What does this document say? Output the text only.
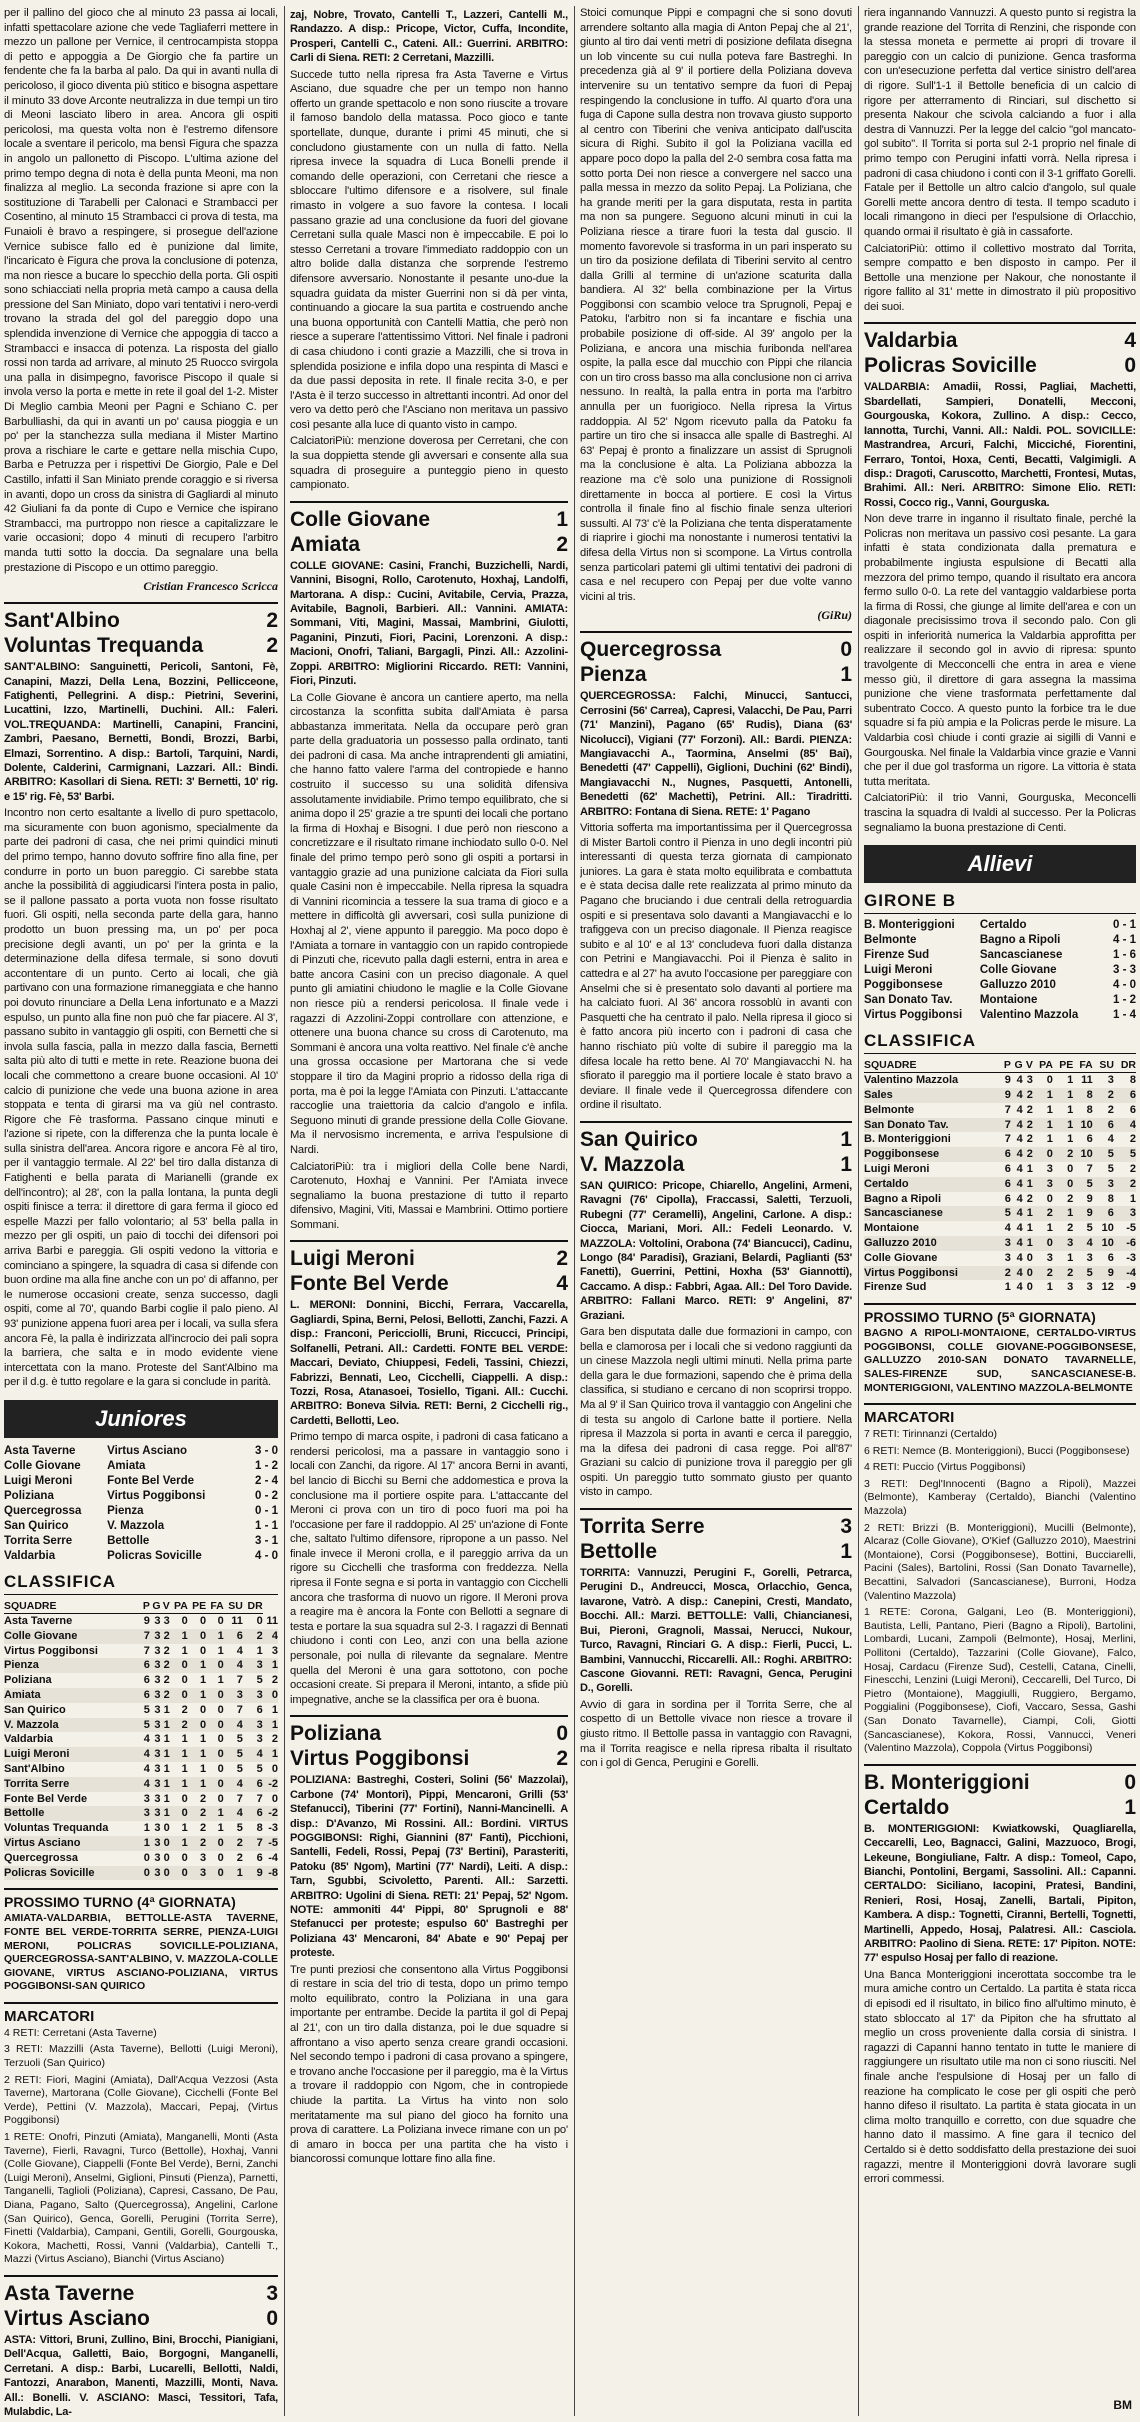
per il pallino del gioco che al minuto 23 passa ai locali, infatti spettacolare azione che vede Tagliaferri mettere in mezzo un pallone per Vernice, il centrocampista stoppa di petto e appoggia a De Giorgio che fa partire un fendente che fa la barba al palo. Da qui in avanti nulla di pericoloso, il gioco diventa più stitico e bisogna aspettare il minuto 33 dove Arconte neutralizza in due tempi un tiro di Meoni lasciato libero in area. Ancora gli ospiti pericolosi, ma questa volta non è l'estremo difensore locale a sventare il pericolo, ma bensì Figura che spazza in angolo un pallonetto di Piscopo. L'ultima azione del primo tempo degna di nota è della punta Meoni, ma non finalizza al meglio. La seconda frazione si apre con la sostituzione di Tarabelli per Calonaci e Strambacci per Cosentino, al minuto 15 Strambacci ci prova di testa, ma Funaioli è bravo a respingere, si prosegue dell'azione Vernice subisce fallo ed è punizione dal limite, l'incaricato è Figura che prova la conclusione di potenza, ma non riesce a bucare lo specchio della porta. Gli ospiti sono schiacciati nella propria metà campo a causa della pressione del San Miniato, dopo vari tentativi i nero-verdi trovano la strada del gol del pareggio dopo una splendida invenzione di Vernice che appoggia di tacco a Strambacci e insacca di potenza. La risposta del giallo rossi non tarda ad arrivare, al minuto 25 Ruocco svirgola una palla in disimpegno, favorisce Piscopo il quale si invola verso la porta e mette in rete il goal del 1-2. Mister Di Meglio cambia Meoni per Pagni e Schiano C. per Barbulliashi, da qui in avanti un po' causa pioggia e un po' per la stanchezza sulla mediana il Mister Martino prova a rischiare le carte e gettare nella mischia Cupo, Barba e Petruzza per i rispettivi De Giorgio, Pale e Del Castillo, infatti il San Miniato prende coraggio e si riversa in avanti, dopo un cross da sinistra di Gagliardi al minuto 42 Giuliani fa da ponte di Cupo e Vernice che ispirano Strambacci, ma purtroppo non riesce a capitalizzare le varie occasioni; dopo 4 minuti di recupero l'arbitro manda tutti sotto la doccia. Da segnalare una bella prestazione di Piscopo e un ottimo pareggio.

Cristian Francesco Scricca
Sant'Albino	2
Voluntas Trequanda	2

SANT'ALBINO: Sanguinetti, Pericoli, Santoni, Fè, Canapini, Mazzi, Della Lena, Bozzini, Pellicceone, Fatighenti, Pellegrini. A disp.: Pietrini, Severini, Lucattini, Izzo, Martinelli, Duchini. All.: Faleri. VOL.TREQUANDA: Martinelli, Canapini, Francini, Zambri, Paesano, Bernetti, Bondi, Brozzi, Barbi, Elmazi, Sorrentino. A disp.: Bartoli, Tarquini, Nardi, Dolente, Calderini, Carmignani, Lazzari. All.: Bindi. ARBITRO: Kasollari di Siena. RETI: 3' Bernetti, 10' rig. e 15' rig. Fè, 53' Barbi.

Incontro non certo esaltante a livello di puro spettacolo, ma sicuramente con buon agonismo, specialmente da parte dei padroni di casa, che nei primi quindici minuti del primo tempo, hanno dovuto soffrire fino alla fine, per condurre in porto un buon pareggio. Ci sarebbe stata anche la possibilità di aggiudicarsi l'intera posta in palio, se il pallone passato a porta vuota non fosse risultato fuori. Gli ospiti, nella seconda parte della gara, hanno prodotto un buon pressing ma, un po' per poca precisione degli avanti, un po' per la grinta e la determinazione della difesa termale, si sono dovuti accontentare di un punto. Certo ai locali, che già partivano con una formazione rimaneggiata e che hanno poi dovuto rinunciare a Della Lena infortunato e a Mazzi espulso, un punto alla fine non può che far piacere. Al 3', passano subito in vantaggio gli ospiti, con Bernetti che si invola sulla fascia, palla in mezzo dalla fascia, Bernetti salta più alto di tutti e mette in rete. Reazione buona dei locali che commettono a creare buone occasioni. Al 10' calcio di punizione che vede una buona azione in area stoppata e tenta di girarsi ma va giù nel contrasto. Rigore che Fè trasforma. Passano cinque minuti e l'azione si ripete, con la differenza che la punta locale è sulla sinistra dell'area. Ancora rigore e ancora Fè al tiro, per il vantaggio termale. Al 22' bel tiro dalla distanza di Fatighenti e bella parata di Marianelli (grande ex dell'incontro); al 28', con la palla lontana, la punta degli ospiti finisce a terra: il direttore di gara ferma il gioco ed espelle Mazzi per fallo volontario; al 53' bella palla in mezzo per gli ospiti, un paio di tocchi dei difensori poi arriva Barbi e pareggia. Gli ospiti vedono la vittoria e cominciano a spingere, la squadra di casa si difende con buon ordine ma alla fine anche con un po' di affanno, per le numerose occasioni create, senza successo, dagli ospiti, come al 70', quando Barbi coglie il palo pieno. Al 93' punizione appena fuori area per i locali, va sulla sfera ancora Fè, la palla è indirizzata all'incrocio dei pali sopra la barriera, che salta e in modo evidente viene intercettata con la mano. Proteste del Sant'Albino ma per il d.g. è tutto regolare e la gara si conclude in parità.

Juniores
Asta Taverne	Virtus Asciano	3 - 0
Colle Giovane	Amiata	1 - 2
Luigi Meroni	Fonte Bel Verde	2 - 4
Poliziana	Virtus Poggibonsi	0 - 2
Quercegrossa	Pienza	0 - 1
San Quirico	V. Mazzola	1 - 1
Torrita Serre	Bettolle	3 - 1
Valdarbia	Policras Sovicille	4 - 0
CLASSIFICA
SQUADRE	P	G	V	PA	PE	FA	SU	DR	
Asta Taverne	9	3	3	0	0	0	11	0	11
Colle Giovane	7	3	2	1	0	1	6	2	4
Virtus Poggibonsi	7	3	2	1	0	1	4	1	3
Pienza	6	3	2	0	1	0	4	3	1
Poliziana	6	3	2	0	1	1	7	5	2
Amiata	6	3	2	0	1	0	3	3	0
San Quirico	5	3	1	2	0	0	7	6	1
V. Mazzola	5	3	1	2	0	0	4	3	1
Valdarbia	4	3	1	1	1	0	5	3	2
Luigi Meroni	4	3	1	1	1	0	5	4	1
Sant'Albino	4	3	1	1	1	0	5	5	0
Torrita Serre	4	3	1	1	1	0	4	6	-2
Fonte Bel Verde	3	3	1	0	2	0	7	7	0
Bettolle	3	3	1	0	2	1	4	6	-2
Voluntas Trequanda	1	3	0	1	2	1	5	8	-3
Virtus Asciano	1	3	0	1	2	0	2	7	-5
Quercegrossa	0	3	0	0	3	0	2	6	-4
Policras Sovicille	0	3	0	0	3	0	1	9	-8
PROSSIMO TURNO (4ª GIORNATA)
AMIATA-VALDARBIA, BETTOLLE-ASTA TAVERNE, FONTE BEL VERDE-TORRITA SERRE, PIENZA-LUIGI MERONI, POLICRAS SOVICILLE-POLIZIANA, QUERCEGROSSA-SANT'ALBINO, V. MAZZOLA-COLLE GIOVANE, VIRTUS ASCIANO-POLIZIANA, VIRTUS POGGIBONSI-SAN QUIRICO
MARCATORI

4 RETI: Cerretani (Asta Taverne)

3 RETI: Mazzilli (Asta Taverne), Bellotti (Luigi Meroni), Terzuoli (San Quirico)

2 RETI: Fiori, Magini (Amiata), Dall'Acqua Vezzosi (Asta Taverne), Martorana (Colle Giovane), Cicchelli (Fonte Bel Verde), Pettini (V. Mazzola), Maccari, Pepaj, (Virtus Poggibonsi)

1 RETE: Onofri, Pinzuti (Amiata), Manganelli, Monti (Asta Taverne), Fierli, Ravagni, Turco (Bettolle), Hoxhaj, Vanni (Colle Giovane), Ciappelli (Fonte Bel Verde), Berni, Zanchi (Luigi Meroni), Anselmi, Giglioni, Pinsuti (Pienza), Parnetti, Tanganelli, Taglioli (Poliziana), Capresi, Cassano, De Pau, Diana, Pagano, Salto (Quercegrossa), Angelini, Carlone (San Quirico), Genca, Gorelli, Perugini (Torrita Serre), Finetti (Valdarbia), Campani, Gentili, Gorelli, Gourgouska, Kokora, Machetti, Rossi, Vanni (Valdarbia), Cantelli T., Mazzi (Virtus Asciano), Bianchi (Virtus Asciano)

Asta Taverne	3
Virtus Asciano	0

ASTA: Vittori, Bruni, Zullino, Bini, Brocchi, Pianigiani, Dell'Acqua, Galletti, Baio, Borgogni, Manganelli, Cerretani. A disp.: Barbi, Lucarelli, Bellotti, Naldi, Fantozzi, Anarabon, Manenti, Mazzilli, Monti, Nava. All.: Bonelli. V. ASCIANO: Masci, Tessitori, Tafa, Mulabdic, La-

zaj, Nobre, Trovato, Cantelli T., Lazzeri, Cantelli M., Randazzo. A disp.: Pricope, Victor, Cuffa, Incondite, Prosperi, Cantelli C., Cateni. All.: Guerrini. ARBITRO: Carli di Siena. RETI: 2 Cerretani, Mazzilli.

Succede tutto nella ripresa fra Asta Taverne e Virtus Asciano, due squadre che per un tempo non hanno offerto un grande spettacolo e non sono riuscite a trovare il famoso bandolo della matassa. Poco gioco e tante sportellate, dunque, durante i primi 45 minuti, che si concludono giustamente con un nulla di fatto. Nella ripresa invece la squadra di Luca Bonelli prende il comando delle operazioni, con Cerretani che riesce a sbloccare l'ultimo difensore e a risolvere, sul finale rimasto in volgere a suo favore la contesa. I locali passano grazie ad una conclusione da fuori del giovane Cerretani sulla quale Masci non è impeccabile. E poi lo stesso Cerretani a trovare l'immediato raddoppio con un altro bolide dalla distanza che sorprende l'estremo difensore avversario. Nonostante il pesante uno-due la squadra guidata da mister Guerrini non si dà per vinta, continuando a giocare la sua partita e costruendo anche una buona opportunità con Cantelli Mattia, che però non riesce a superare l'attentissimo Vittori. Nel finale i padroni di casa chiudono i conti grazie a Mazzilli, che si trova in splendida posizione e infila dopo una respinta di Masci e da due passi deposita in rete. Il finale recita 3-0, e per l'Asta è il terzo successo in altrettanti incontri. Ad onor del vero va detto però che l'Asciano non meritava un passivo così pesante alla luce di quanto visto in campo.

CalciatoriPiù: menzione doverosa per Cerretani, che con la sua doppietta stende gli avversari e consente alla sua squadra di proseguire a punteggio pieno in questo campionato.

Colle Giovane	1
Amiata	2

COLLE GIOVANE: Casini, Franchi, Buzzichelli, Nardi, Vannini, Bisogni, Rollo, Carotenuto, Hoxhaj, Landolfi, Martorana. A disp.: Cucini, Avitabile, Cervia, Prazza, Avitabile, Bagnoli, Barbieri. All.: Vannini. AMIATA: Sommani, Viti, Magini, Massai, Mambrini, Giulotti, Paganini, Pinzuti, Fiori, Pacini, Lorenzoni. A disp.: Macioni, Onofri, Taliani, Bargagli, Pinzi. All.: Azzolini-Zoppi. ARBITRO: Migliorini Riccardo. RETI: Vannini, Fiori, Pinzuti.

La Colle Giovane è ancora un cantiere aperto, ma nella circostanza la sconfitta subita dall'Amiata è parsa abbastanza immeritata. Nella da occupare però gran parte della graduatoria un possesso palla ordinato, tanti dei padroni di casa. Ma anche intraprendenti gli amiatini, che hanno fatto valere l'arma del contropiede e hanno costruito il successo su una solidità difensiva assolutamente invidiabile. Primo tempo equilibrato, che si anima dopo il 25' grazie a tre spunti dei locali che portano la firma di Hoxhaj e Bisogni. I due però non riescono a concretizzare e il risultato rimane inchiodato sullo 0-0. Nel finale del primo tempo però sono gli ospiti a portarsi in vantaggio grazie ad una punizione calciata da Fiori sulla quale Casini non è impeccabile. Nella ripresa la squadra di Vannini ricomincia a tessere la sua trama di gioco e a mettere in difficoltà gli avversari, così sulla punizione di Hoxhaj al 2', viene appunto il pareggio. Ma poco dopo è l'Amiata a tornare in vantaggio con un rapido contropiede di Pinzuti che, ricevuto palla dagli esterni, entra in area e batte ancora Casini con un preciso diagonale. A quel punto gli amiatini chiudono le maglie e la Colle Giovane non riesce più a rendersi pericolosa. Il finale vede i ragazzi di Azzolini-Zoppi controllare con attenzione, e ottenere una buona chance su cross di Carotenuto, ma Sommani è ancora una volta reattivo. Nel finale c'è anche una grossa occasione per Martorana che si vede stoppare il tiro da Magini proprio a ridosso della riga di porta, ma è poi la legge l'Amiata con Pinzuti. L'attaccante raccoglie una traiettoria da calcio d'angolo e infila. Seguono minuti di grande pressione della Colle Giovane. Ma il nervosismo incrementa, e arriva l'espulsione di Nardi.

CalciatoriPiù: tra i migliori della Colle bene Nardi, Carotenuto, Hoxhaj e Vannini. Per l'Amiata invece segnaliamo la buona prestazione di tutto il reparto difensivo, Magini, Viti, Massai e Mambrini. Ottimo portiere Sommani.

Luigi Meroni	2
Fonte Bel Verde	4

L. MERONI: Donnini, Bicchi, Ferrara, Vaccarella, Gagliardi, Spina, Berni, Pelosi, Bellotti, Zanchi, Fazzi. A disp.: Franconi, Pericciolli, Bruni, Riccucci, Principi, Solfanelli, Petrani. All.: Cardetti. FONTE BEL VERDE: Maccari, Deviato, Chiuppesi, Fedeli, Tassini, Chiezzi, Fabrizzi, Bennati, Leo, Cicchelli, Ciappelli. A disp.: Tozzi, Rosa, Atanasoei, Tosiello, Tigani. All.: Cucchi. ARBITRO: Boneva Silvia. RETI: Berni, 2 Cicchelli rig., Cardetti, Bellotti, Leo.

Primo tempo di marca ospite, i padroni di casa faticano a rendersi pericolosi, ma a passare in vantaggio sono i locali con Zanchi, da rigore. Al 17' ancora Berni in avanti, bel lancio di Bicchi su Berni che addomestica e prova la conclusione ma il portiere ospite para. L'attaccante del Meroni ci prova con un tiro di poco fuori ma poi ha l'occasione per fare il raddoppio. Al 25' un'azione di Fonte che, saltato l'ultimo difensore, ripropone a un passo. Nel finale invece il Meroni crolla, e il pareggio arriva da un rigore su Cicchelli che trasforma con freddezza. Nella ripresa il Fonte segna e si porta in vantaggio con Cicchelli ancora che trasforma di nuovo un rigore. Il Meroni prova a reagire ma è ancora la Fonte con Bellotti a segnare di testa e portare la sua squadra sul 2-3. I ragazzi di Bennati chiudono i conti con Leo, anzi con una bella azione personale, poi nulla di rilevante da segnalare. Mentre quella del Meroni è una gara sottotono, con poche occasioni create. Si prepara il Meroni, intanto, a sfide più impegnative, anche se la classifica per ora è buona.

Poliziana	0
Virtus Poggibonsi	2

POLIZIANA: Bastreghi, Costeri, Solini (56' Mazzolai), Carbone (74' Montori), Pippi, Mencaroni, Grilli (53' Stefanucci), Tiberini (77' Fortini), Nanni-Mancinelli. A disp.: D'Avanzo, Mi Rossini. All.: Bordini. VIRTUS POGGIBONSI: Righi, Giannini (87' Fanti), Picchioni, Santelli, Fedeli, Rossi, Pepaj (73' Bertini), Parasteriti, Patoku (85' Ngom), Martini (77' Nardi), Leiti. A disp.: Tarn, Sgubbi, Scivoletto, Parenti. All.: Sarzetti. ARBITRO: Ugolini di Siena. RETI: 21' Pepaj, 52' Ngom. NOTE: ammoniti 44' Pippi, 80' Sprugnoli e 88' Stefanucci per proteste; espulso 60' Bastreghi per Poliziana 43' Mencaroni, 84' Abate e 90' Pepaj per proteste.

Tre punti preziosi che consentono alla Virtus Poggibonsi di restare in scia del trio di testa, dopo un primo tempo molto equilibrato, contro la Poliziana in una gara importante per entrambe. Decide la partita il gol di Pepaj al 21', con un tiro dalla distanza, poi le due squadre si affrontano a viso aperto senza creare grandi occasioni. Nel secondo tempo i padroni di casa provano a spingere, e trovano anche l'occasione per il pareggio, ma è la Virtus a trovare il raddoppio con Ngom, che in contropiede chiude la partita. La Virtus ha vinto non solo meritatamente ma sul piano del gioco ha fornito una prova di carattere. La Poliziana invece rimane con un po' di amaro in bocca per una partita che ha visto i biancorossi comunque lottare fino alla fine.

Stoici comunque Pippi e compagni che si sono dovuti arrendere soltanto alla magia di Anton Pepaj che al 21', giunto al tiro dai venti metri di posizione defilata disegna un lob vincente su cui nulla poteva fare Bastreghi. In precedenza già al 9' il portiere della Poliziana doveva intervenire su un tentativo sempre da fuori di Pepaj respingendo la conclusione in tuffo. Al quarto d'ora una fuga di Capone sulla destra non trovava giusto supporto al centro con Tiberini che veniva anticipato dall'uscita sicura di Righi. Subito il gol la Poliziana vacilla ed appare poco dopo la palla del 2-0 sembra cosa fatta ma sotto porta Dei non riesce a convergere nel sacco una palla messa in mezzo da solito Pepaj. La Poliziana, che ha grande meriti per la gara disputata, resta in partita ma non sa pungere. Seguono alcuni minuti in cui la Poliziana riesce a tirare fuori la testa dal guscio. Il momento favorevole si trasforma in un pari insperato su un tiro da posizione defilata di Tiberini servito al centro dalla Grilli al termine di un'azione scaturita dalla bandiera. Al 32' bella combinazione per la Virtus Poggibonsi con scambio veloce tra Sprugnoli, Pepaj e Patoku, l'arbitro non si fa incantare e fischia una probabile posizione di off-side. Al 39' angolo per la Poliziana, e ancora una mischia furibonda nell'area ospite, la palla esce dal mucchio con Pippi che rilancia con un tiro cross basso ma alla conclusione non ci arriva nessuno. In realtà, la palla entra in porta ma l'arbitro annulla per un fuorigioco. Nella ripresa la Virtus raddoppia. Al 52' Ngom ricevuto palla da Patoku fa partire un tiro che si insacca alle spalle di Bastreghi. Al 63' Pepaj è pronto a finalizzare un assist di Sprugnoli ma la conclusione è alta. La Poliziana abbozza la reazione ma c'è solo una punizione di Rossignoli direttamente in bocca al portiere. E così la Virtus controlla il finale fino al fischio finale senza ulteriori sussulti. Al 73' c'è la Poliziana che tenta disperatamente di riaprire i giochi ma nonostante i numerosi tentativi la difesa della Virtus non si scompone. La Virtus controlla senza particolari patemi gli ultimi tentativi dei padroni di casa e nel recupero con Pepaj per due volte vanno vicini al tris.

(GiRu)
Quercegrossa	0
Pienza	1

QUERCEGROSSA: Falchi, Minucci, Santucci, Cerrosini (56' Carrea), Capresi, Valacchi, De Pau, Parri (71' Manzini), Pagano (65' Rudis), Diana (63' Nicolucci), Vigiani (77' Forzoni). All.: Bardi. PIENZA: Mangiavacchi A., Taormina, Anselmi (85' Bai), Benedetti (47' Cappelli), Giglioni, Duchini (62' Bindi), Mangiavacchi N., Nugnes, Pasquetti, Antonelli, Benedetti (62' Machetti), Petrini. All.: Tiradritti. ARBITRO: Fontana di Siena. RETE: 1' Pagano

Vittoria sofferta ma importantissima per il Quercegrossa di Mister Bartoli contro il Pienza in uno degli incontri più interessanti di questa terza giornata di campionato juniores. La gara è stata molto equilibrata e combattuta e è stata decisa dalle rete realizzata al primo minuto da Pagano che bruciando i due centrali della retroguardia ospiti e si presentava solo davanti a Mangiavacchi e lo trafiggeva con un preciso diagonale. Il Pienza reagisce subito e al 10' e al 13' concludeva fuori dalla distanza con Petrini e Mangiavacchi. Poi il Pienza è salito in cattedra e al 27' ha avuto l'occasione per pareggiare con Anselmi che si è presentato solo davanti al portiere ma ha calciato fuori. Al 36' ancora rossoblù in avanti con Pasquetti che ha centrato il palo. Nella ripresa il gioco si è fatto ancora più incerto con i padroni di casa che hanno rischiato più volte di subire il pareggio ma la difesa locale ha retto bene. Al 70' Mangiavacchi N. ha sfiorato il pareggio ma il portiere locale è stato bravo a deviare. Il finale vede il Quercegrossa difendere con ordine il risultato.

San Quirico	1
V. Mazzola	1

SAN QUIRICO: Pricope, Chiarello, Angelini, Armeni, Ravagni (76' Cipolla), Fraccassi, Saletti, Terzuoli, Rubegni (77' Ceramelli), Angelini, Carlone. A disp.: Ciocca, Mariani, Mori. All.: Fedeli Leonardo. V. MAZZOLA: Voltolini, Orabona (74' Biancucci), Cadinu, Longo (84' Paradisi), Graziani, Belardi, Paglianti (53' Fanetti), Guerrini, Pettini, Hoxha (53' Giannotti), Caccamo. A disp.: Fabbri, Agaa. All.: Del Toro Davide. ARBITRO: Fallani Marco. RETI: 9' Angelini, 87' Graziani.

Gara ben disputata dalle due formazioni in campo, con bella e clamorosa per i locali che si vedono raggiunti da un cinese Mazzola negli ultimi minuti. Nella prima parte della gara le due formazioni, sapendo che è prima della classifica, si studiano e cercano di non scoprirsi troppo. Ma al 9' il San Quirico trova il vantaggio con Angelini che di testa su angolo di Carlone batte il portiere. Nella ripresa il Mazzola si porta in avanti e cerca il pareggio, ma la difesa dei padroni di casa regge. Poi all'87' Graziani su calcio di punizione trova il pareggio per gli ospiti. Un pareggio tutto sommato giusto per quanto visto in campo.

Torrita Serre	3
Bettolle	1

TORRITA: Vannuzzi, Perugini F., Gorelli, Petrarca, Perugini D., Andreucci, Mosca, Orlacchio, Genca, Iavarone, Vatrò. A disp.: Canepini, Cresti, Mandato, Bocchi. All.: Marzi. BETTOLLE: Valli, Chiancianesi, Bui, Pieroni, Gragnoli, Massai, Nerucci, Nukour, Turco, Ravagni, Rinciari G. A disp.: Fierli, Pucci, L. Bambini, Vannucchi, Riccarelli. All.: Roghi. ARBITRO: Cascone Giovanni. RETI: Ravagni, Genca, Perugini D., Gorelli.

Avvio di gara in sordina per il Torrita Serre, che al cospetto di un Bettolle vivace non riesce a trovare il giusto ritmo. Il Bettolle passa in vantaggio con Ravagni, ma il Torrita reagisce e nella ripresa ribalta il risultato con i gol di Genca, Perugini e Gorelli.

riera ingannando Vannuzzi. A questo punto si registra la grande reazione del Torrita di Renzini, che risponde con la stessa moneta e permette ai propri di trovare il pareggio con un calcio di punizione. Genca trasforma con un'esecuzione perfetta dal vertice sinistro dell'area di rigore. Sull'1-1 il Bettolle beneficia di un calcio di rigore per atterramento di Rinciari, sul dischetto si presenta Nakour che scivola calciando a fuor i alla destra di Vannuzzi. Per la legge del calcio "gol mancato-gol subito". Il Torrita si porta sul 2-1 proprio nel finale di primo tempo con Perugini infatti vorrà. Nella ripresa i padroni di casa chiudono i conti con il 3-1 griffato Gorelli. Fatale per il Bettolle un altro calcio d'angolo, sul quale Gorelli mette ancora dentro di testa. Il tempo scaduto i locali rimangono in dieci per l'espulsione di Orlacchio, quando ormai il risultato è già in cassaforte.

CalciatoriPiù: ottimo il collettivo mostrato dal Torrita, sempre compatto e ben disposto in campo. Per il Bettolle una menzione per Nakour, che nonostante il rigore fallito al 31' mette in dimostrato il più propositivo dei suoi.

Valdarbia	4
Policras Sovicille	0

VALDARBIA: Amadii, Rossi, Pagliai, Machetti, Sbardellati, Sampieri, Donatelli, Mecconi, Gourgouska, Kokora, Zullino. A disp.: Cecco, Iannotta, Turchi, Vanni. All.: Naldi. POL. SOVICILLE: Mastrandrea, Arcuri, Falchi, Micciché, Fiorentini, Ferraro, Tontoi, Hoxa, Centi, Becatti, Valgimigli. A disp.: Dragoti, Caruscotto, Marchetti, Frontesi, Mutas, Brahimi. All.: Neri. ARBITRO: Simone Elio. RETI: Rossi, Cocco rig., Vanni, Gourguska.

Non deve trarre in inganno il risultato finale, perché la Policras non meritava un passivo così pesante. La gara infatti è stata condizionata dalla prematura e probabilmente ingiusta espulsione di Becatti alla mezzora del primo tempo, quando il risultato era ancora fermo sullo 0-0. La rete del vantaggio valdarbiese porta la firma di Rossi, che giunge al limite dell'area e con un diagonale precisissimo trova il secondo palo. Con gli ospiti in inferiorità numerica la Valdarbia approfitta per realizzare il secondo gol in avvio di ripresa: spunto travolgente di Mecconcelli che entra in area e viene messo giù, il direttore di gara assegna la massima punizione che viene trasformata perfettamente dal subentrato Cocco. A questo punto la forbice tra le due squadre si fa più ampia e la Policras perde le misure. La Valdarbia così chiude i conti grazie ai sigilli di Vanni e Gourgouska. Nel finale la Valdarbia vince grazie e Vanni che per il due gol trasforma un rigore. La vittoria è stata tutta meritata.

CalciatoriPiù: il trio Vanni, Gourguska, Meconcelli trascina la squadra di Ivaldi al successo. Per la Policras segnaliamo la buona prestazione di Centi.

Allievi
GIRONE B
B. Monteriggioni	Certaldo	0 - 1
Belmonte	Bagno a Ripoli	4 - 1
Firenze Sud	Sancascianese	1 - 6
Luigi Meroni	Colle Giovane	3 - 3
Poggibonsese	Galluzzo 2010	4 - 0
San Donato Tav.	Montaione	1 - 2
Virtus Poggibonsi	Valentino Mazzola	1 - 4
CLASSIFICA
SQUADRE	P	G	V	PA	PE	FA	SU	DR
Valentino Mazzola	9	4	3	0	1	11	3	8
Sales	9	4	2	1	1	8	2	6
Belmonte	7	4	2	1	1	8	2	6
San Donato Tav.	7	4	2	1	1	10	6	4
B. Monteriggioni	7	4	2	1	1	6	4	2
Poggibonsese	6	4	2	0	2	10	5	5
Luigi Meroni	6	4	1	3	0	7	5	2
Certaldo	6	4	1	3	0	5	3	2
Bagno a Ripoli	6	4	2	0	2	9	8	1
Sancascianese	5	4	1	2	1	9	6	3
Montaione	4	4	1	1	2	5	10	-5
Galluzzo 2010	3	4	1	0	3	4	10	-6
Colle Giovane	3	4	0	3	1	3	6	-3
Virtus Poggibonsi	2	4	0	2	2	5	9	-4
Firenze Sud	1	4	0	1	3	3	12	-9
PROSSIMO TURNO (5ª GIORNATA)
BAGNO A RIPOLI-MONTAIONE, CERTALDO-VIRTUS POGGIBONSI, COLLE GIOVANE-POGGIBONSESE, GALLUZZO 2010-SAN DONATO TAVARNELLE, SALES-FIRENZE SUD, SANCASCIANESE-B. MONTERIGGIONI, VALENTINO MAZZOLA-BELMONTE
MARCATORI

7 RETI: Tirinnanzi (Certaldo)

6 RETI: Nemce (B. Monteriggioni), Bucci (Poggibonsese)

4 RETI: Puccio (Virtus Poggibonsi)

3 RETI: Degl'Innocenti (Bagno a Ripoli), Mazzei (Belmonte), Kamberay (Certaldo), Bianchi (Valentino Mazzola)

2 RETI: Brizzi (B. Monteriggioni), Mucilli (Belmonte), Alcaraz (Colle Giovane), O'Kief (Galluzzo 2010), Maestrini (Montaione), Corsi (Poggibonsese), Bottini, Bucciarelli, Pacini (Sales), Bartolini, Rossi (San Donato Tavarnelle), Becattini, Salvadori (Sancascianese), Burroni, Hodza (Valentino Mazzola)

1 RETE: Corona, Galgani, Leo (B. Monteriggioni), Bautista, Lelli, Pantano, Pieri (Bagno a Ripoli), Bartolini, Lombardi, Lucani, Zampoli (Belmonte), Hosaj, Merlini, Pollitoni (Certaldo), Tazzarini (Colle Giovane), Falco, Hosaj, Cardacu (Firenze Sud), Cestelli, Catana, Cinelli, Finescchi, Lenzini (Luigi Meroni), Ceccarelli, Del Turco, Di Pietro (Montaione), Maggiulli, Ruggiero, Bergamo, Poggialini (Poggibonsese), Ciofi, Vaccaro, Sessa, Gashi (San Donato Tavarnelle), Ciampi, Coli, Giotti (Sancascianese), Kokora, Rossi, Vannucci, Veneri (Valentino Mazzola), Coppola (Virtus Poggibonsi)

B. Monteriggioni	0
Certaldo	1

B. MONTERIGGIONI: Kwiatkowski, Quagliarella, Ceccarelli, Leo, Bagnacci, Galini, Mazzuoco, Brogi, Lekeune, Bongiuliane, Faltr. A disp.: Tomeol, Capo, Bianchi, Pontolini, Bergami, Sassolini. All.: Capanni. CERTALDO: Siciliano, Iacopini, Pratesi, Bandini, Renieri, Rosi, Hosaj, Zanelli, Bartali, Pipiton, Kambera. A disp.: Tognetti, Ciranni, Bertelli, Tognetti, Martinelli, Appedo, Hosaj, Palatresi. All.: Casciola. ARBITRO: Paolino di Siena. RETE: 17' Pipiton. NOTE: 77' espulso Hosaj per fallo di reazione.

Una Banca Monteriggioni incerottata soccombe tra le mura amiche contro un Certaldo. La partita è stata ricca di episodi ed il risultato, in bilico fino all'ultimo minuto, è stato sbloccato al 17' da Pipiton che ha sfruttato al meglio un cross proveniente dalla corsia di sinistra. I ragazzi di Capanni hanno tentato in tutte le maniere di raggiungere un risultato utile ma non ci sono riusciti. Nel finale anche l'espulsione di Hosaj per un fallo di reazione ha complicato le cose per gli ospiti che però hanno difeso il risultato. La partita è stata giocata in un clima molto tranquillo e corretto, con due squadre che hanno dato il massimo. A fine gara il tecnico del Certaldo si è detto soddisfatto della prestazione dei suoi ragazzi, mentre il Monteriggioni dovrà lavorare sugli errori commessi.

BM
